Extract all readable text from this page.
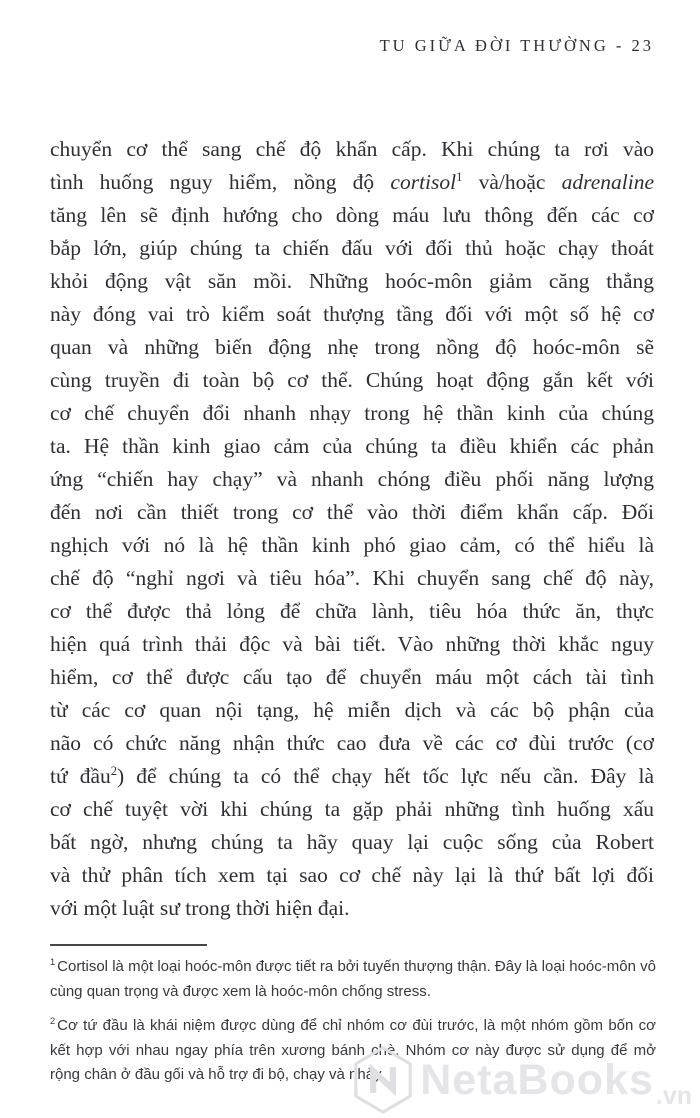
TU GIỮA ĐỜI THƯỜNG - 23
chuyển cơ thể sang chế độ khẩn cấp. Khi chúng ta rơi vào
tình huống nguy hiểm, nồng độ cortisol$^1$ và/hoặc adrenaline
tăng lên sẽ định hướng cho dòng máu lưu thông đến các cơ
bắp lớn, giúp chúng ta chiến đấu với đối thủ hoặc chạy thoát
khỏi động vật săn mồi. Những hoóc-môn giảm căng thẳng
này đóng vai trò kiểm soát thượng tầng đối với một số hệ cơ
quan và những biến động nhẹ trong nồng độ hoóc-môn sẽ
cùng truyền đi toàn bộ cơ thể. Chúng hoạt động gắn kết với
cơ chế chuyển đổi nhanh nhạy trong hệ thần kinh của chúng
ta. Hệ thần kinh giao cảm của chúng ta điều khiển các phản
ứng “chiến hay chạy” và nhanh chóng điều phối năng lượng
đến nơi cần thiết trong cơ thể vào thời điểm khẩn cấp. Đối
nghịch với nó là hệ thần kinh phó giao cảm, có thể hiểu là
chế độ “nghỉ ngơi và tiêu hóa”. Khi chuyển sang chế độ này,
cơ thể được thả lỏng để chữa lành, tiêu hóa thức ăn, thực
hiện quá trình thải độc và bài tiết. Vào những thời khắc nguy
hiểm, cơ thể được cấu tạo để chuyển máu một cách tài tình
từ các cơ quan nội tạng, hệ miễn dịch và các bộ phận của
não có chức năng nhận thức cao đưa về các cơ đùi trước (cơ
tứ đầu$^2$) để chúng ta có thể chạy hết tốc lực nếu cần. Đây là
cơ chế tuyệt vời khi chúng ta gặp phải những tình huống xấu
bất ngờ, nhưng chúng ta hãy quay lại cuộc sống của Robert
và thử phân tích xem tại sao cơ chế này lại là thứ bất lợi đối
với một luật sư trong thời hiện đại.

$^1$ Cortisol là một loại hoóc-môn được tiết ra bởi tuyến thượng thận. Đây là loại hoóc-môn vô cùng quan trọng và được xem là hoóc-môn chống stress.

$^2$ Cơ tứ đầu là khái niệm được dùng để chỉ nhóm cơ đùi trước, là một nhóm gồm bốn cơ kết hợp với nhau ngay phía trên xương bánh chè. Nhóm cơ này được sử dụng để mở rộng chân ở đầu gối và hỗ trợ đi bộ, chạy và nhảy. NetaBooks .vn
